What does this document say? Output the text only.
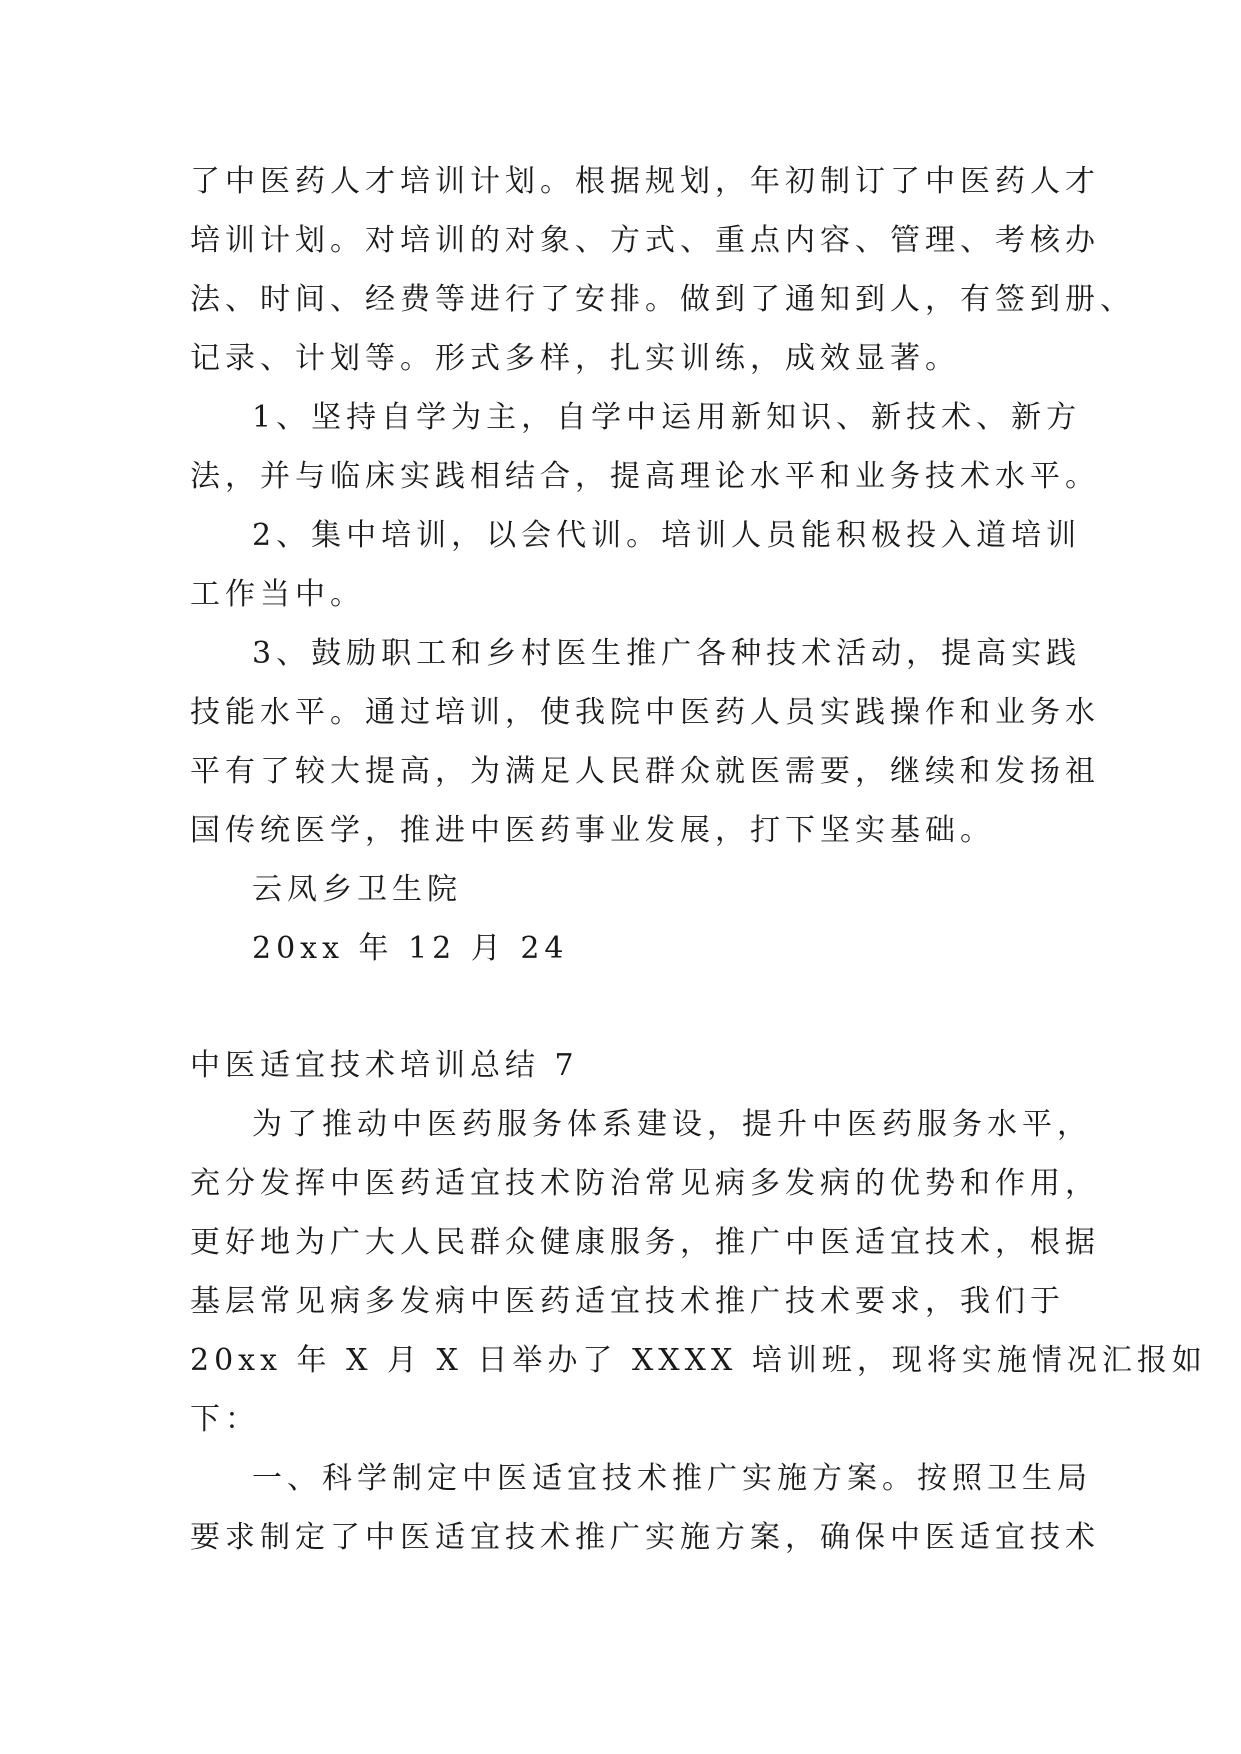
了中医药人才培训计划。根据规划，年初制订了中医药人才
培训计划。对培训的对象、方式、重点内容、管理、考核办
法、时间、经费等进行了安排。做到了通知到人，有签到册、
记录、计划等。形式多样，扎实训练，成效显著。
1、坚持自学为主，自学中运用新知识、新技术、新方
法，并与临床实践相结合，提高理论水平和业务技术水平。
2、集中培训，以会代训。培训人员能积极投入道培训
工作当中。
3、鼓励职工和乡村医生推广各种技术活动，提高实践
技能水平。通过培训，使我院中医药人员实践操作和业务水
平有了较大提高，为满足人民群众就医需要，继续和发扬祖
国传统医学，推进中医药事业发展，打下坚实基础。
云凤乡卫生院
20xx 年 12 月 24
中医适宜技术培训总结 7
为了推动中医药服务体系建设，提升中医药服务水平，
充分发挥中医药适宜技术防治常见病多发病的优势和作用，
更好地为广大人民群众健康服务，推广中医适宜技术，根据
基层常见病多发病中医药适宜技术推广技术要求，我们于
20xx 年 X 月 X 日举办了 XXXX 培训班，现将实施情况汇报如
下：
一、科学制定中医适宜技术推广实施方案。按照卫生局
要求制定了中医适宜技术推广实施方案，确保中医适宜技术
